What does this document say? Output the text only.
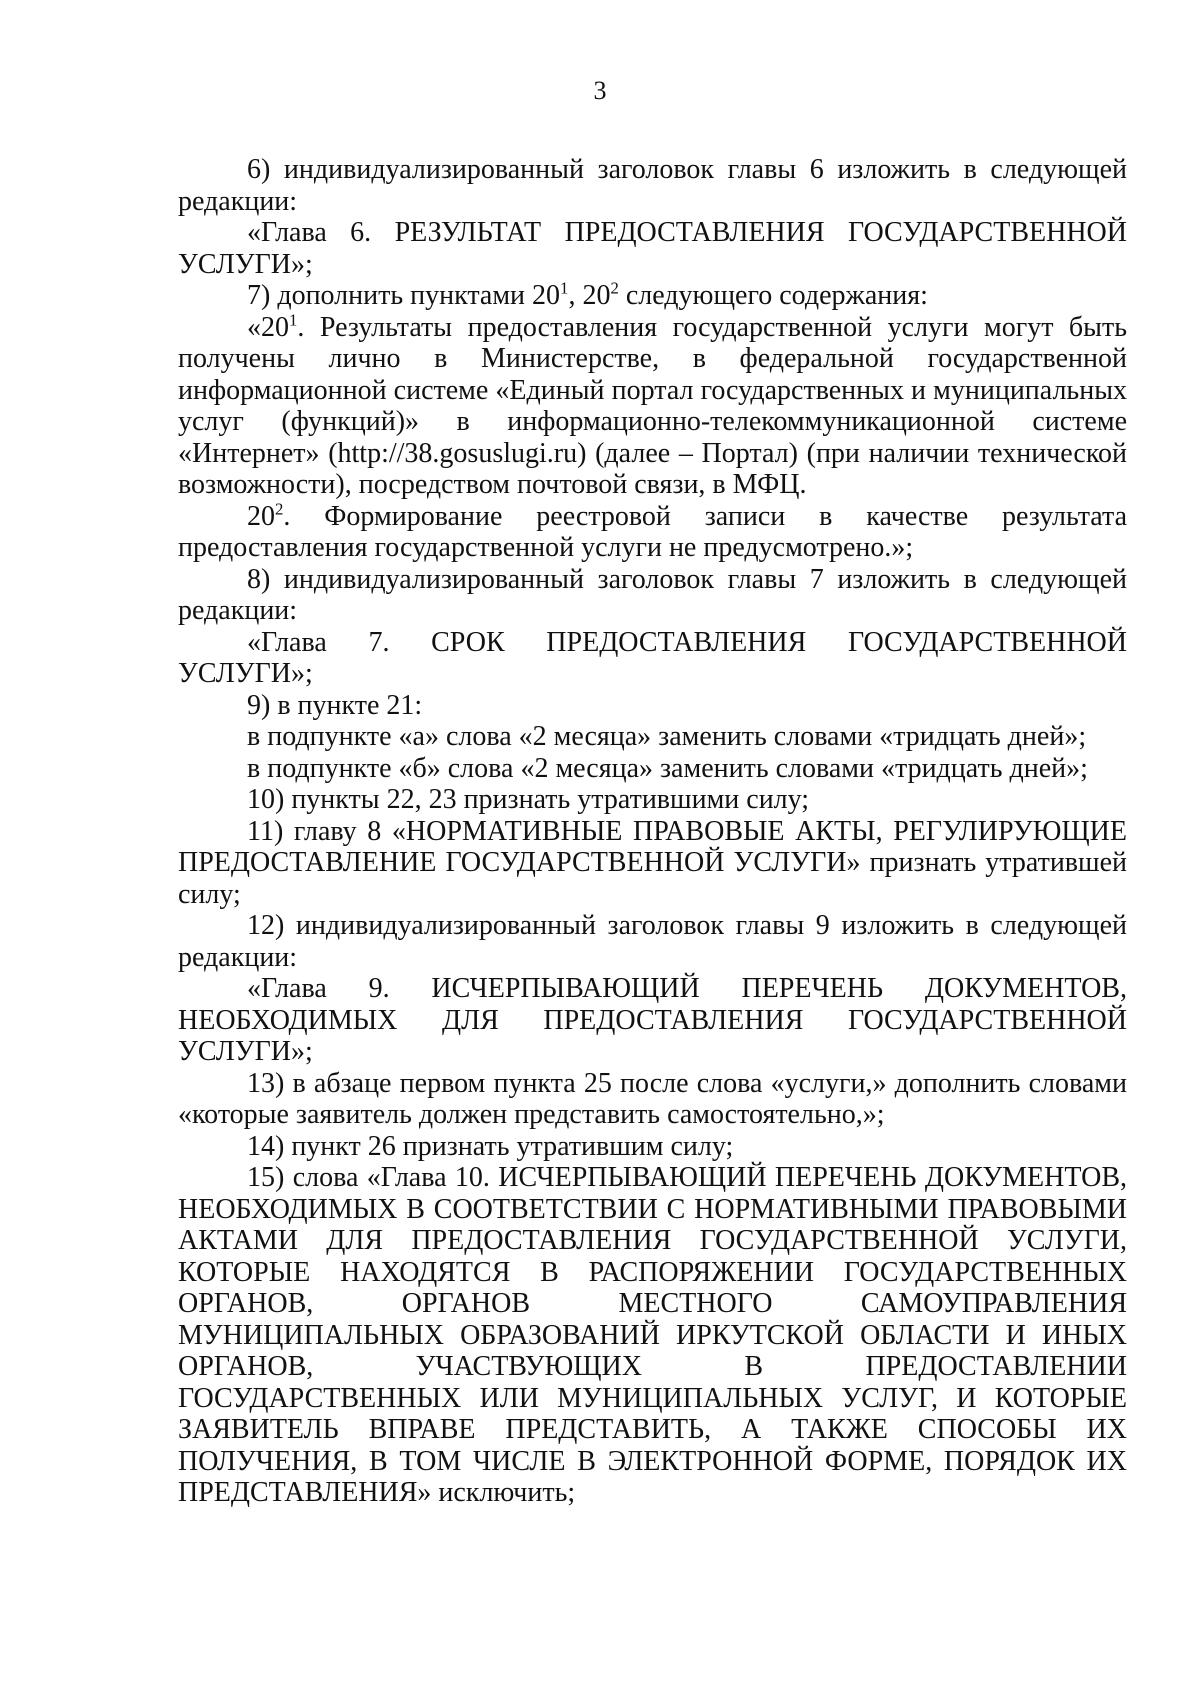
3

6) индивидуализированный заголовок главы 6 изложить в следующей редакции:

«Глава 6. РЕЗУЛЬТАТ ПРЕДОСТАВЛЕНИЯ ГОСУДАРСТВЕННОЙ УСЛУГИ»;

7) дополнить пунктами $20^1$, $20^2$ следующего содержания:

«$20^1$. Результаты предоставления государственной услуги могут быть получены лично в Министерстве, в федеральной государственной информационной системе «Единый портал государственных и муниципальных услуг (функций)» в информационно-телекоммуникационной системе «Интернет» (http://38.gosuslugi.ru) (далее – Портал) (при наличии технической возможности), посредством почтовой связи, в МФЦ.

$20^2$. Формирование реестровой записи в качестве результата предоставления государственной услуги не предусмотрено.»;

8) индивидуализированный заголовок главы 7 изложить в следующей редакции:

«Глава 7. СРОК ПРЕДОСТАВЛЕНИЯ ГОСУДАРСТВЕННОЙ УСЛУГИ»;

9) в пункте 21:

в подпункте «а» слова «2 месяца» заменить словами «тридцать дней»;

в подпункте «б» слова «2 месяца» заменить словами «тридцать дней»;

10) пункты 22, 23 признать утратившими силу;

11) главу 8 «НОРМАТИВНЫЕ ПРАВОВЫЕ АКТЫ, РЕГУЛИРУЮЩИЕ ПРЕДОСТАВЛЕНИЕ ГОСУДАРСТВЕННОЙ УСЛУГИ» признать утратившей силу;

12) индивидуализированный заголовок главы 9 изложить в следующей редакции:

«Глава 9. ИСЧЕРПЫВАЮЩИЙ ПЕРЕЧЕНЬ ДОКУМЕНТОВ, НЕОБХОДИМЫХ ДЛЯ ПРЕДОСТАВЛЕНИЯ ГОСУДАРСТВЕННОЙ УСЛУГИ»;

13) в абзаце первом пункта 25 после слова «услуги,» дополнить словами «которые заявитель должен представить самостоятельно,»;

14) пункт 26 признать утратившим силу;

15) слова «Глава 10. ИСЧЕРПЫВАЮЩИЙ ПЕРЕЧЕНЬ ДОКУМЕНТОВ, НЕОБХОДИМЫХ В СООТВЕТСТВИИ С НОРМАТИВНЫМИ ПРАВОВЫМИ АКТАМИ ДЛЯ ПРЕДОСТАВЛЕНИЯ ГОСУДАРСТВЕННОЙ УСЛУГИ, КОТОРЫЕ НАХОДЯТСЯ В РАСПОРЯЖЕНИИ ГОСУДАРСТВЕННЫХ ОРГАНОВ, ОРГАНОВ МЕСТНОГО САМОУПРАВЛЕНИЯ МУНИЦИПАЛЬНЫХ ОБРАЗОВАНИЙ ИРКУТСКОЙ ОБЛАСТИ И ИНЫХ ОРГАНОВ, УЧАСТВУЮЩИХ В ПРЕДОСТАВЛЕНИИ ГОСУДАРСТВЕННЫХ ИЛИ МУНИЦИПАЛЬНЫХ УСЛУГ, И КОТОРЫЕ ЗАЯВИТЕЛЬ ВПРАВЕ ПРЕДСТАВИТЬ, А ТАКЖЕ СПОСОБЫ ИХ ПОЛУЧЕНИЯ, В ТОМ ЧИСЛЕ В ЭЛЕКТРОННОЙ ФОРМЕ, ПОРЯДОК ИХ ПРЕДСТАВЛЕНИЯ» исключить;
